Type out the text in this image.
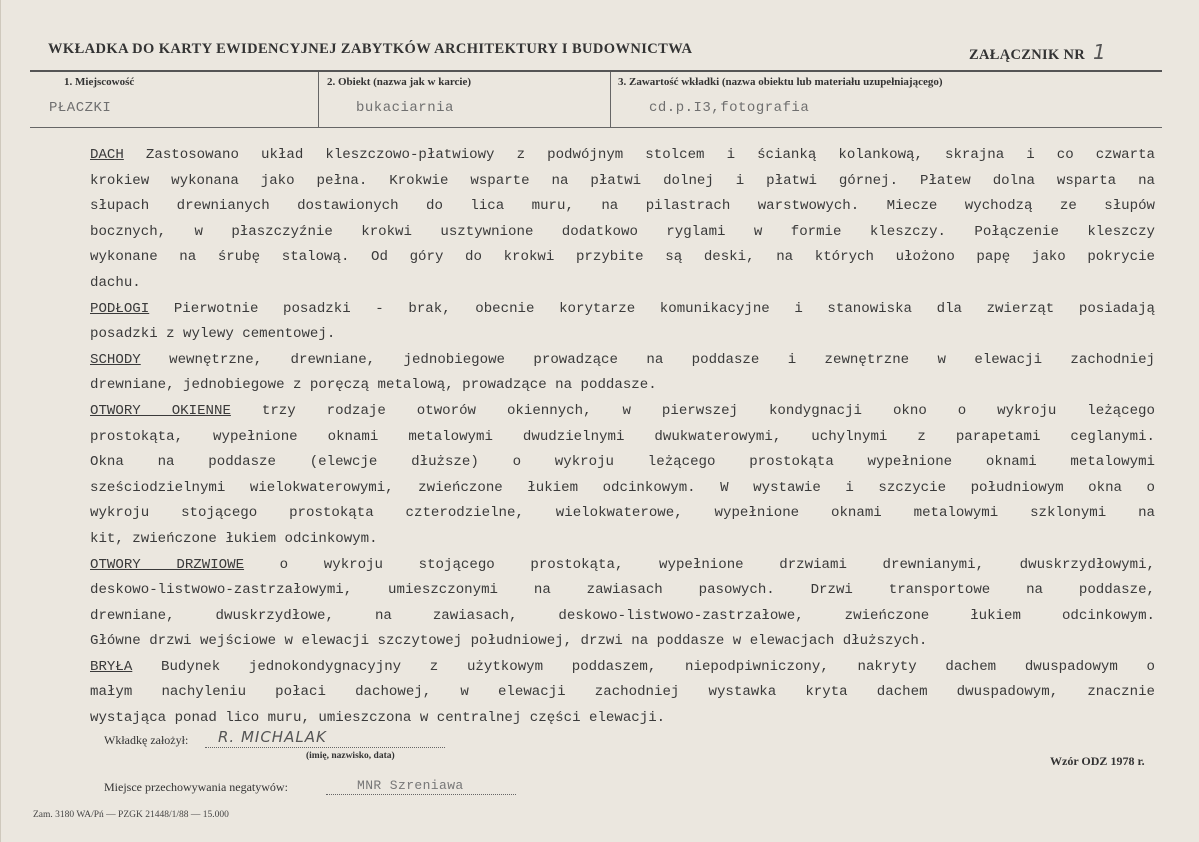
WKŁADKA DO KARTY EWIDENCYJNEJ ZABYTKÓW ARCHITEKTURY I BUDOWNICTWA	ZAŁĄCZNIK NR 1
1. Miejscowość	2. Obiekt (nazwa jak w karcie)	3. Zawartość wkładki (nazwa obiektu lub materiału uzupełniającego)
PŁACZKI	bukaciarnia	cd.p.I3,fotografia
DACH Zastosowano układ kleszczowo-płatwiowy z podwójnym stolcem i ścianką kolankową, skrajna i co czwarta
krokiew wykonana jako pełna. Krokwie wsparte na płatwi dolnej i płatwi górnej. Płatew dolna wsparta na
słupach drewnianych dostawionych do lica muru, na pilastrach warstwowych. Miecze wychodzą ze słupów
bocznych, w płaszczyźnie krokwi usztywnione dodatkowo ryglami w formie kleszczy. Połączenie kleszczy
wykonane na śrubę stalową. Od góry do krokwi przybite są deski, na których ułożono papę jako pokrycie
dachu.
PODŁOGI Pierwotnie posadzki - brak, obecnie korytarze komunikacyjne i stanowiska dla zwierząt posiadają
posadzki z wylewy cementowej.
SCHODY wewnętrzne, drewniane, jednobiegowe prowadzące na poddasze i zewnętrzne w elewacji zachodniej
drewniane, jednobiegowe z poręczą metalową, prowadzące na poddasze.
OTWORY OKIENNE trzy rodzaje otworów okiennych, w pierwszej kondygnacji okno o wykroju leżącego
prostokąta, wypełnione oknami metalowymi dwudzielnymi dwukwaterowymi, uchylnymi z parapetami ceglanymi.
Okna na poddasze (elewcje dłuższe) o wykroju leżącego prostokąta wypełnione oknami metalowymi
sześciodzielnymi wielokwaterowymi, zwieńczone łukiem odcinkowym. W wystawie i szczycie południowym okna o
wykroju stojącego prostokąta czterodzielne, wielokwaterowe, wypełnione oknami metalowymi szklonymi na
kit, zwieńczone łukiem odcinkowym.
OTWORY DRZWIOWE o wykroju stojącego prostokąta, wypełnione drzwiami drewnianymi, dwuskrzydłowymi,
deskowo-listwowo-zastrzałowymi, umieszczonymi na zawiasach pasowych. Drzwi transportowe na poddasze,
drewniane, dwuskrzydłowe, na zawiasach, deskowo-listwowo-zastrzałowe, zwieńczone łukiem odcinkowym.
Główne drzwi wejściowe w elewacji szczytowej południowej, drzwi na poddasze w elewacjach dłuższych.
BRYŁA Budynek jednokondygnacyjny z użytkowym poddaszem, niepodpiwniczony, nakryty dachem dwuspadowym o
małym nachyleniu połaci dachowej, w elewacji zachodniej wystawka kryta dachem dwuspadowym, znacznie
wystająca ponad lico muru, umieszczona w centralnej części elewacji.
Wkładkę założył: R. MICHALAK
(imię, nazwisko, data)	Wzór ODZ 1978 r.
Miejsce przechowywania negatywów:	MNR Szreniawa
Zam. 3180 WA/Pń — PZGK 21448/1/88 — 15.000
